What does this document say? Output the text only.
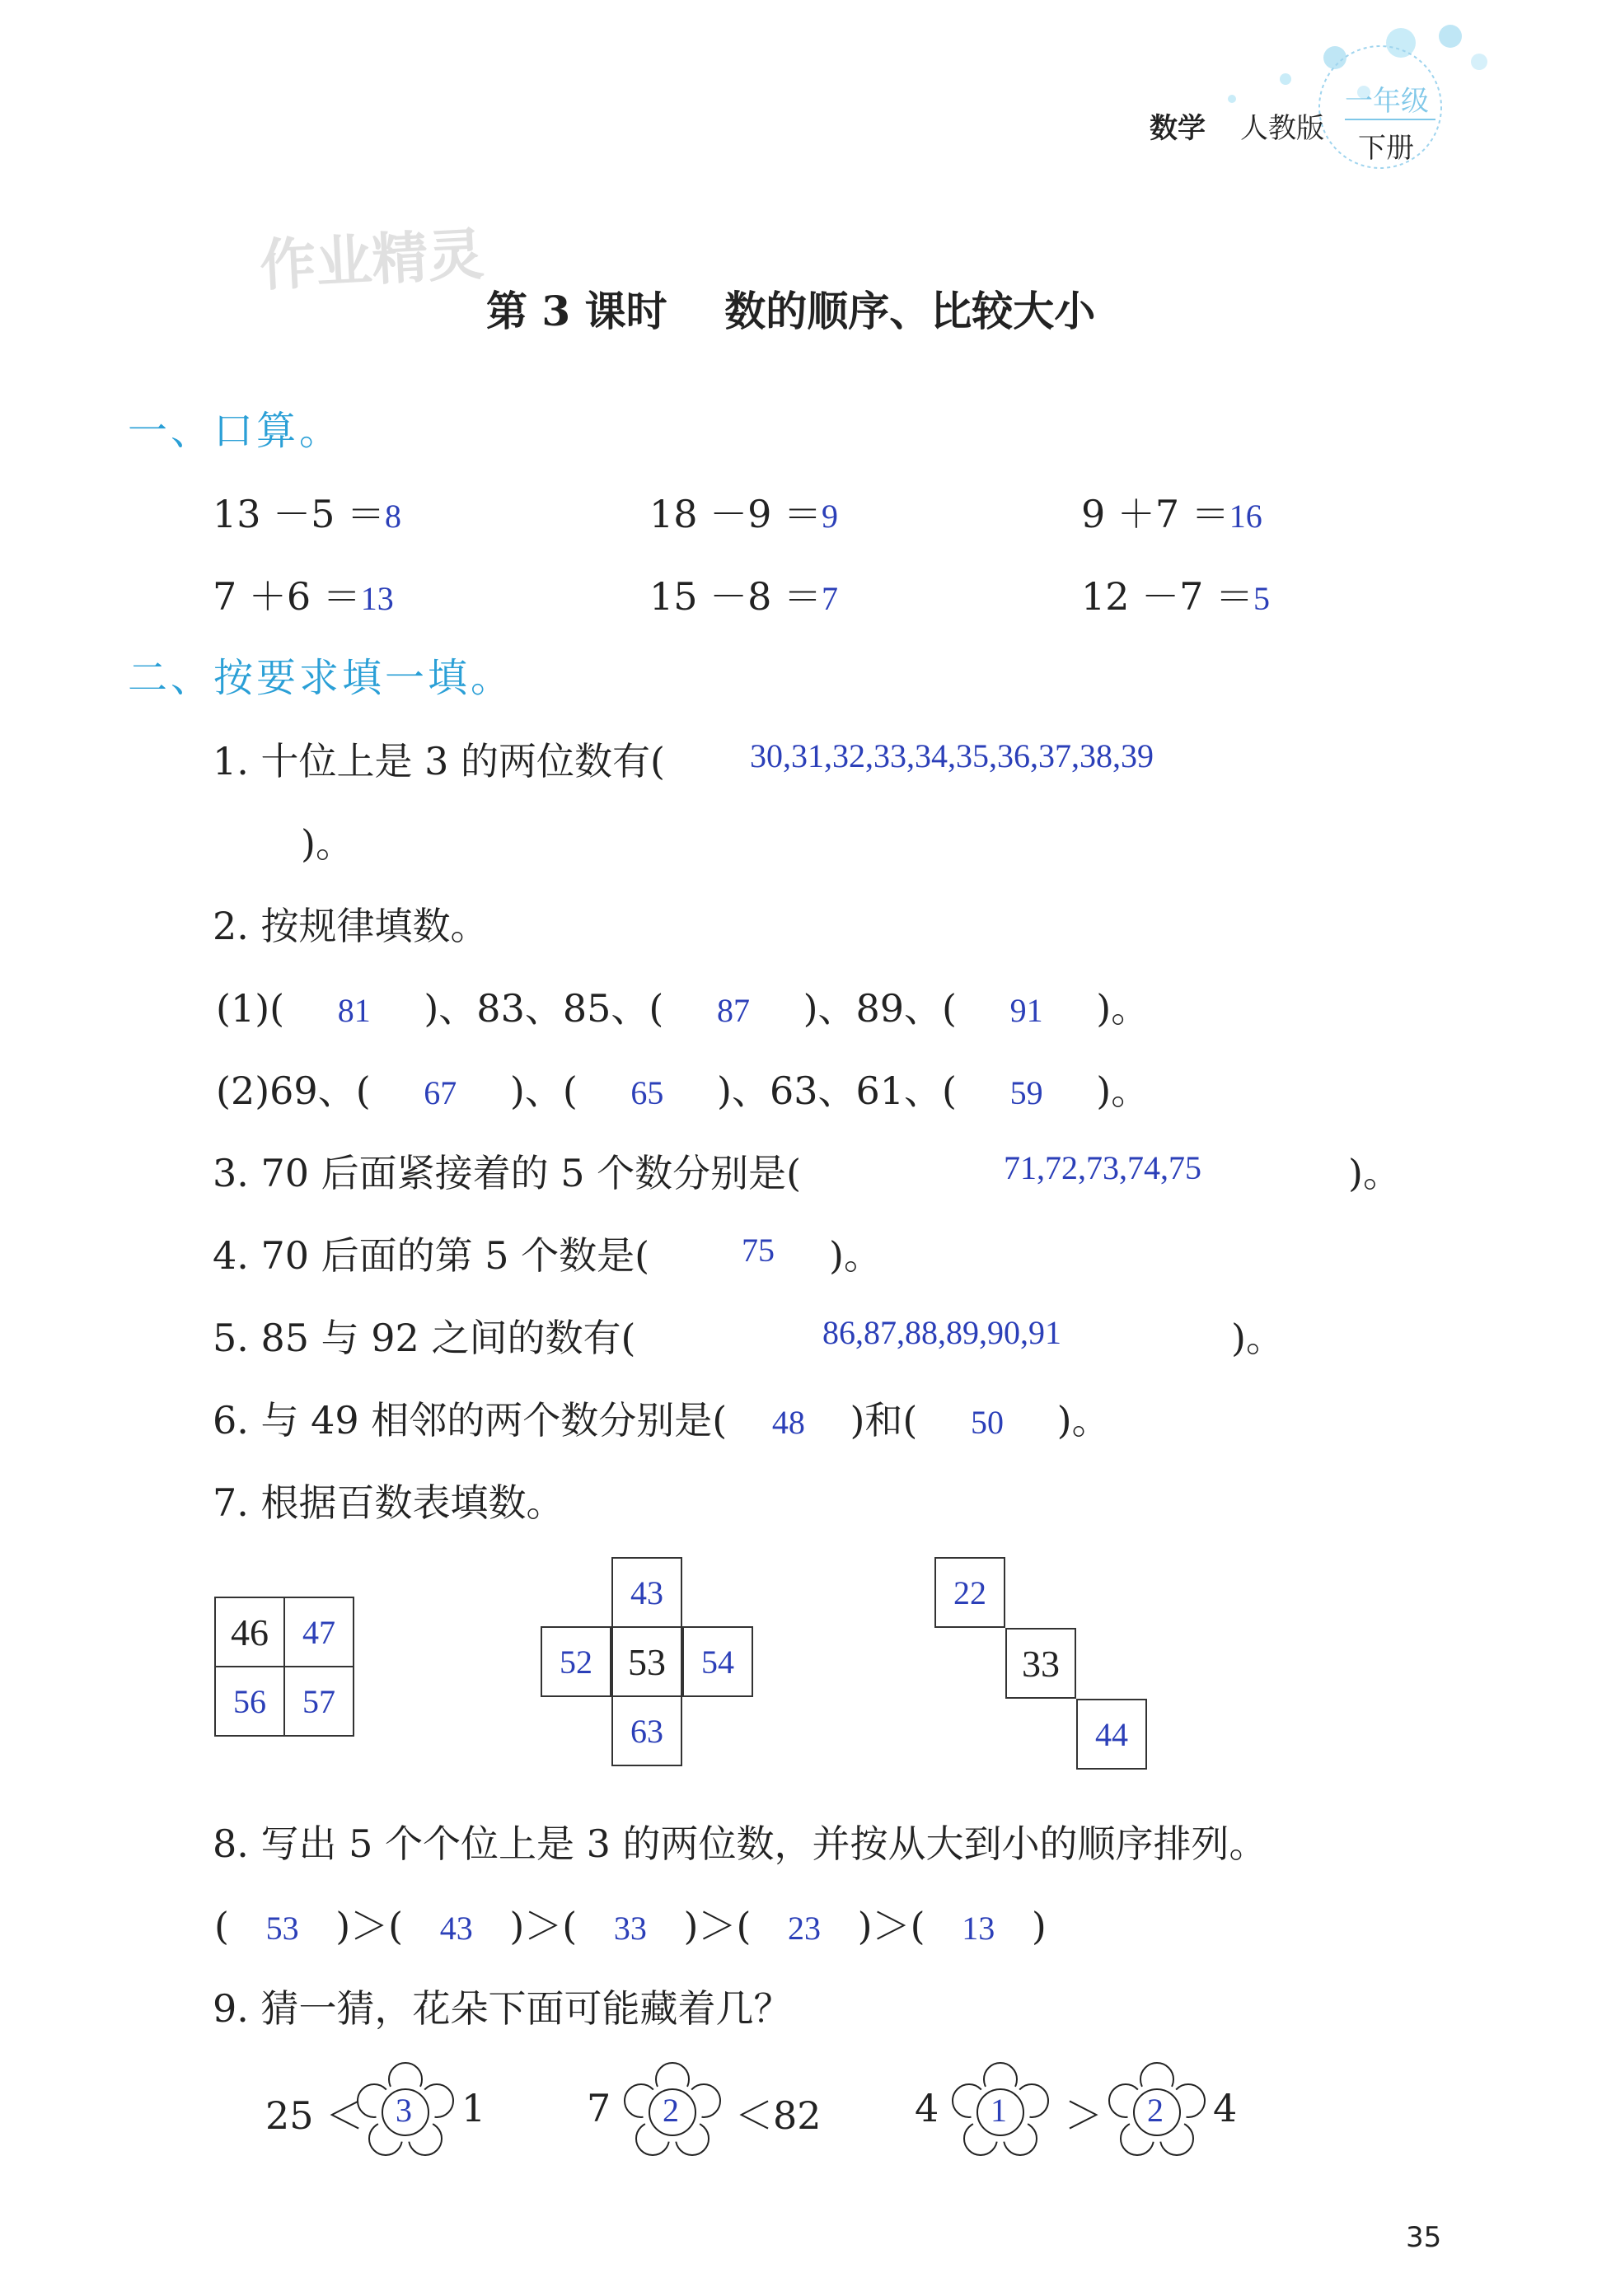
数学 人教版
一年级
下册
作业精灵
第 3 课时    数的顺序、比较大小
一、口算。
13 －5 ＝8	18 －9 ＝9	9 ＋7 ＝16
7 ＋6 ＝13	15 －8 ＝7	12 －7 ＝5
二、按要求填一填。
1. 十位上是 3 的两位数有(	30,31,32,33,34,35,36,37,38,39
)。
2. 按规律填数。
(1)( 81 )、83、85、( 87 )、89、( 91 )。
(2)69、( 67 )、( 65 )、63、61、( 59 )。
3. 70 后面紧接着的 5 个数分别是(	71,72,73,74,75	)。
4. 70 后面的第 5 个数是(	75 )。
5. 85 与 92 之间的数有(	86,87,88,89,90,91	)。
6. 与 49 相邻的两个数分别是( 48 )和( 50 )。
7. 根据百数表填数。
46 47
56 57
43
52 53 54
63
22
33
44
8. 写出 5 个个位上是 3 的两位数，并按从大到小的顺序排列。
( 53 )＞( 43 )＞( 33 )＞( 23 )＞( 13 )
9. 猜一猜，花朵下面可能藏着几？
25 ＜ 3 1	7 2 ＜82 4 1 ＞ 2 4
35
